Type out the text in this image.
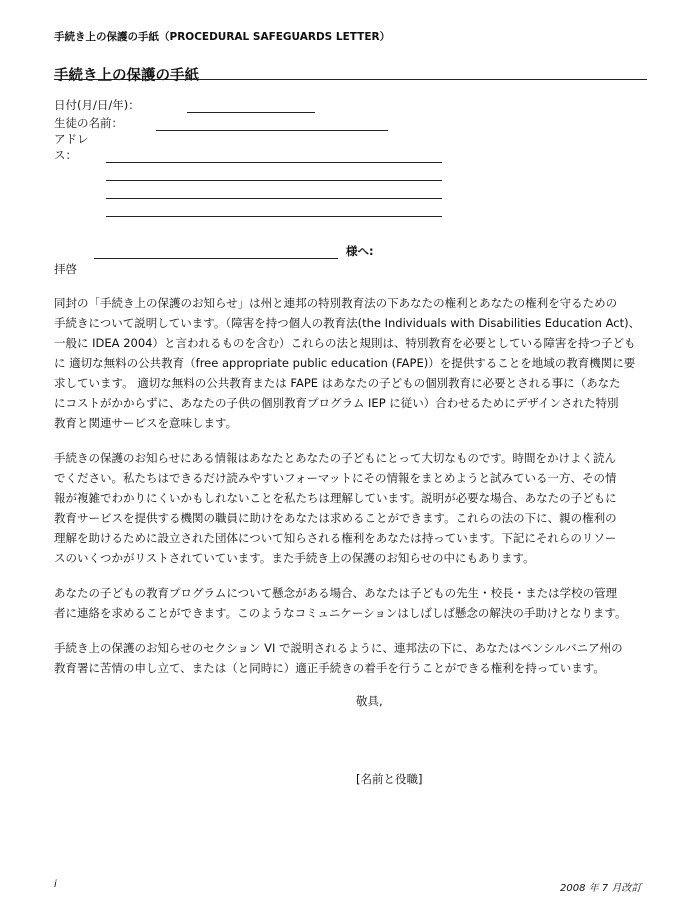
手続き上の保護の手紙（PROCEDURAL SAFEGUARDS LETTER）
手続き上の保護の手紙
日付(月/日/年)：
生徒の名前：
アドレス：
様へ:
拝啓
同封の「手続き上の保護のお知らせ」は州と連邦の特別教育法の下あなたの権利とあなたの権利を守るための
手続きについて説明しています。（障害を持つ個人の教育法(the Individuals with Disabilities Education Act)、
一般に IDEA 2004）と言われるものを含む）これらの法と規則は、特別教育を必要としている障害を持つ子ども
に 適切な無料の公共教育（free appropriate public education (FAPE)）を提供することを地域の教育機関に要
求しています。 適切な無料の公共教育または FAPE はあなたの子どもの個別教育に必要とされる事に（あなた
にコストがかからずに、あなたの子供の個別教育プログラム IEP に従い）合わせるためにデザインされた特別
教育と関連サービスを意味します。
手続きの保護のお知らせにある情報はあなたとあなたの子どもにとって大切なものです。時間をかけよく読ん
でください。私たちはできるだけ読みやすいフォーマットにその情報をまとめようと試みている一方、その情
報が複雑でわかりにくいかもしれないことを私たちは理解しています。説明が必要な場合、あなたの子どもに
教育サービスを提供する機関の職員に助けをあなたは求めることができます。これらの法の下に、親の権利の
理解を助けるために設立された団体について知らされる権利をあなたは持っています。下記にそれらのリソー
スのいくつかがリストされていています。また手続き上の保護のお知らせの中にもあります。
あなたの子どもの教育プログラムについて懸念がある場合、あなたは子どもの先生・校長・または学校の管理
者に連絡を求めることができます。このようなコミュニケーションはしばしば懸念の解決の手助けとなります。
手続き上の保護のお知らせのセクション VI で説明されるように、連邦法の下に、あなたはペンシルバニア州の
教育署に苦情の申し立て、または（と同時に）適正手続きの着手を行うことができる権利を持っています。
敬具,
[名前と役職]
i	2008 年 7 月改訂
